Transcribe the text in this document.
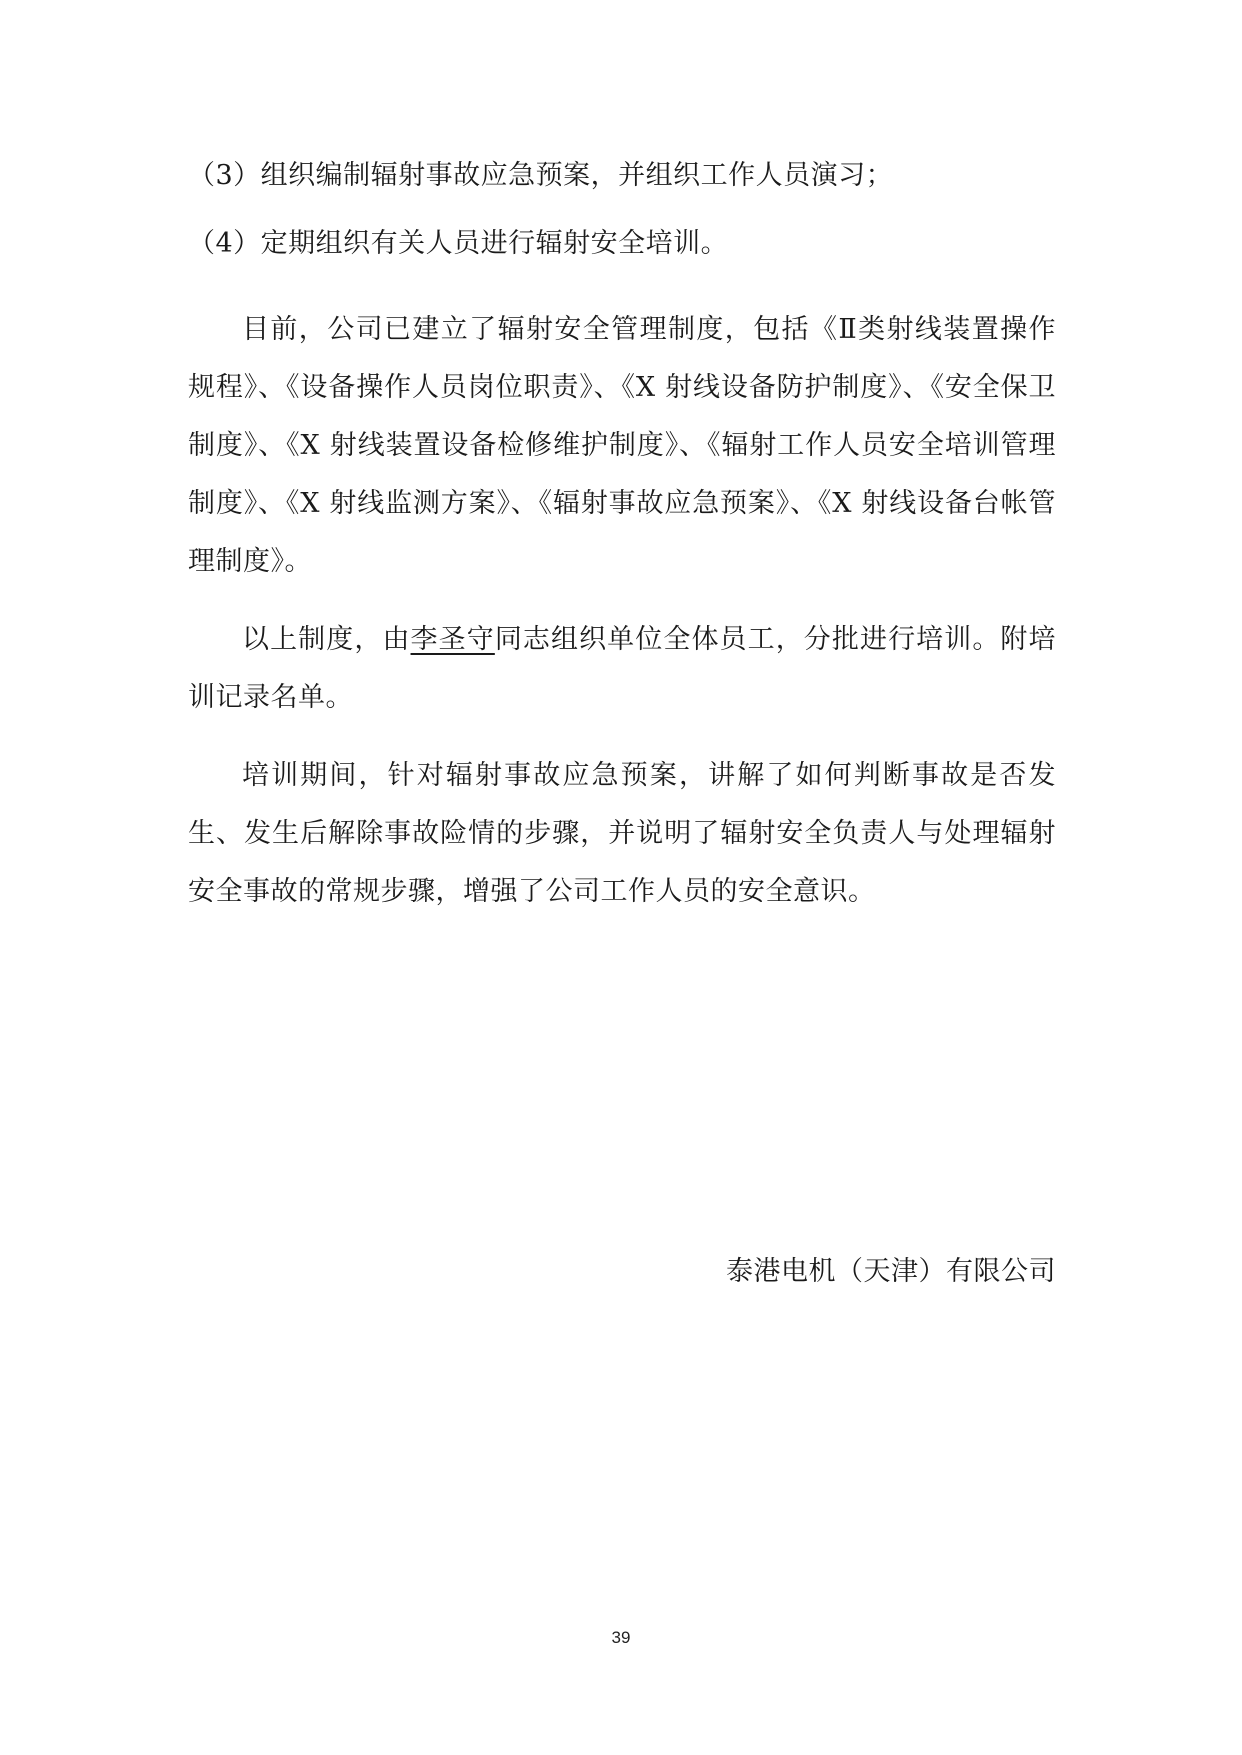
（3）组织编制辐射事故应急预案，并组织工作人员演习；

（4）定期组织有关人员进行辐射安全培训。

目前，公司已建立了辐射安全管理制度，包括《Ⅱ类射线装置操作规程》、《设备操作人员岗位职责》、《X 射线设备防护制度》、《安全保卫制度》、《X 射线装置设备检修维护制度》、《辐射工作人员安全培训管理制度》、《X 射线监测方案》、《辐射事故应急预案》、《X 射线设备台帐管理制度》。

以上制度，由李圣守同志组织单位全体员工，分批进行培训。附培训记录名单。

培训期间，针对辐射事故应急预案，讲解了如何判断事故是否发生、发生后解除事故险情的步骤，并说明了辐射安全负责人与处理辐射安全事故的常规步骤，增强了公司工作人员的安全意识。

泰港电机（天津）有限公司
39
